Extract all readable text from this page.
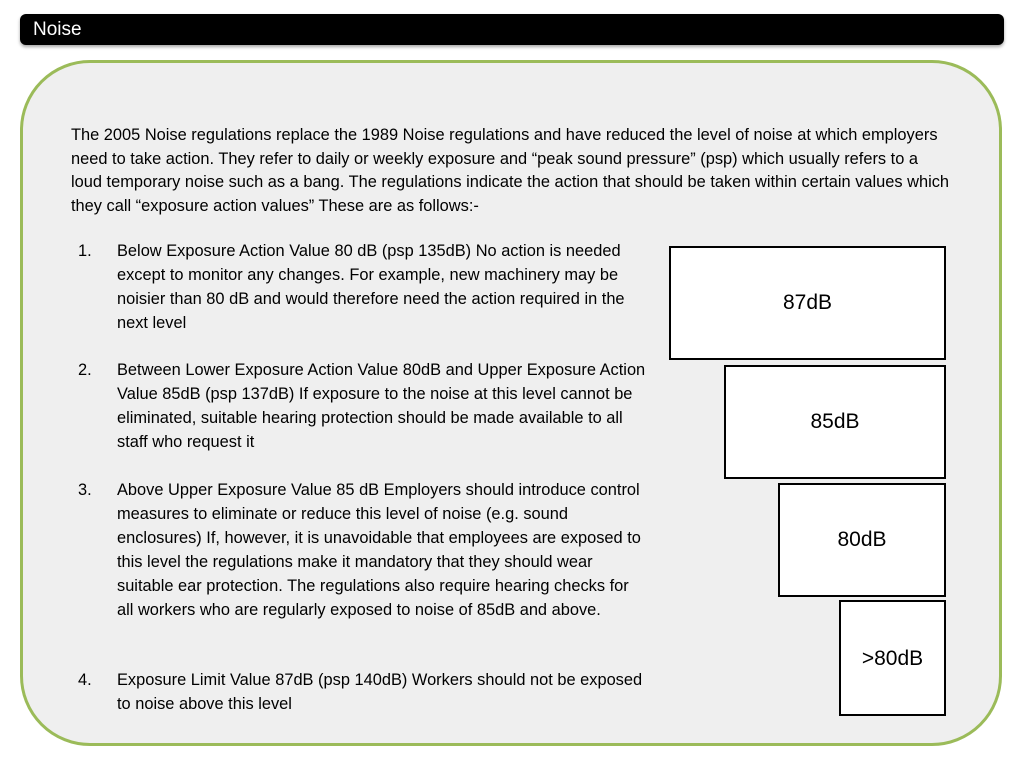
Noise

The 2005 Noise regulations replace the 1989 Noise regulations and have reduced the level of noise at which employers need to take action. They refer to daily or weekly exposure and “peak sound pressure” (psp) which usually refers to a loud temporary noise such as a bang. The regulations indicate the action that should be taken within certain values which they call “exposure action values” These are as follows:-

1. Below Exposure Action Value 80 dB (psp 135dB) No action is needed except to monitor any changes. For example, new machinery may be noisier than 80 dB and would therefore need the action required in the next level
2. Between Lower Exposure Action Value 80dB and Upper Exposure Action Value 85dB (psp 137dB) If exposure to the noise at this level cannot be eliminated, suitable hearing protection should be made available to all staff who request it
3. Above Upper Exposure Value 85 dB Employers should introduce control measures to eliminate or reduce this level of noise (e.g. sound enclosures) If, however, it is unavoidable that employees are exposed to this level the regulations make it mandatory that they should wear suitable ear protection. The regulations also require hearing checks for all workers who are regularly exposed to noise of 85dB and above.
4. Exposure Limit Value 87dB (psp 140dB) Workers should not be exposed to noise above this level
87dB
85dB
80dB
>80dB
